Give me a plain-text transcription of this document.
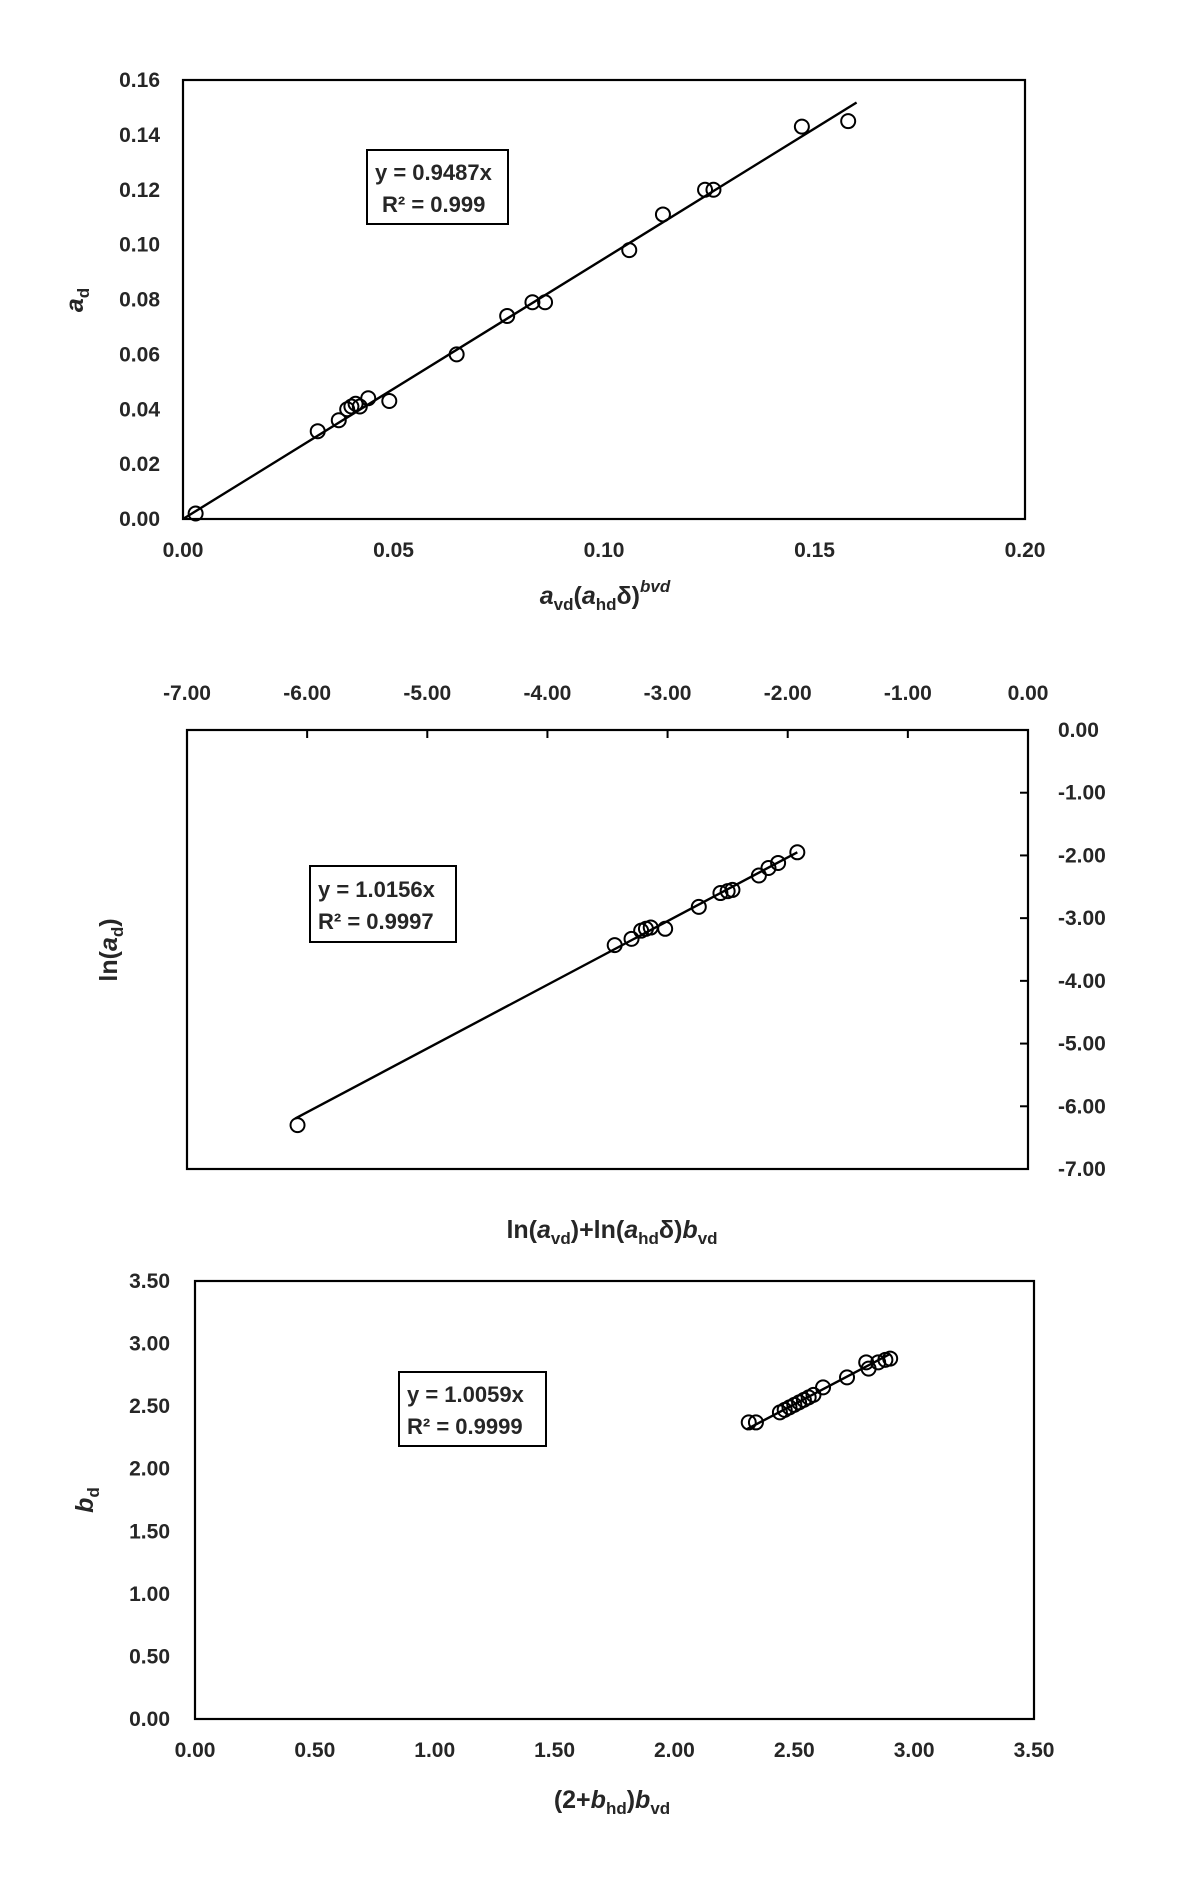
0.00
0.02
0.04
0.06
0.08
0.10
0.12
0.14
0.16
0.00	0.05	0.10	0.15	0.20
y = 0.9487x
R² = 0.999
$a_d$
$a_{vd}(a_{hd}\delta)^{bvd}$
0.00
-1.00
-2.00
-3.00
-4.00
-5.00
-6.00
-7.00
-7.00	-6.00	-5.00	-4.00	-3.00	-2.00	-1.00	0.00
y = 1.0156x
R² = 0.9997
$\ln(a_d)$
$\ln(a_{vd})+\ln(a_{hd}\delta)b_{vd}$
0.00
0.50
1.00
1.50
2.00
2.50
3.00
3.50
0.00	0.50	1.00	1.50	2.00	2.50	3.00	3.50
y = 1.0059x
R² = 0.9999
$b_d$
$(2+b_{hd})b_{vd}$
